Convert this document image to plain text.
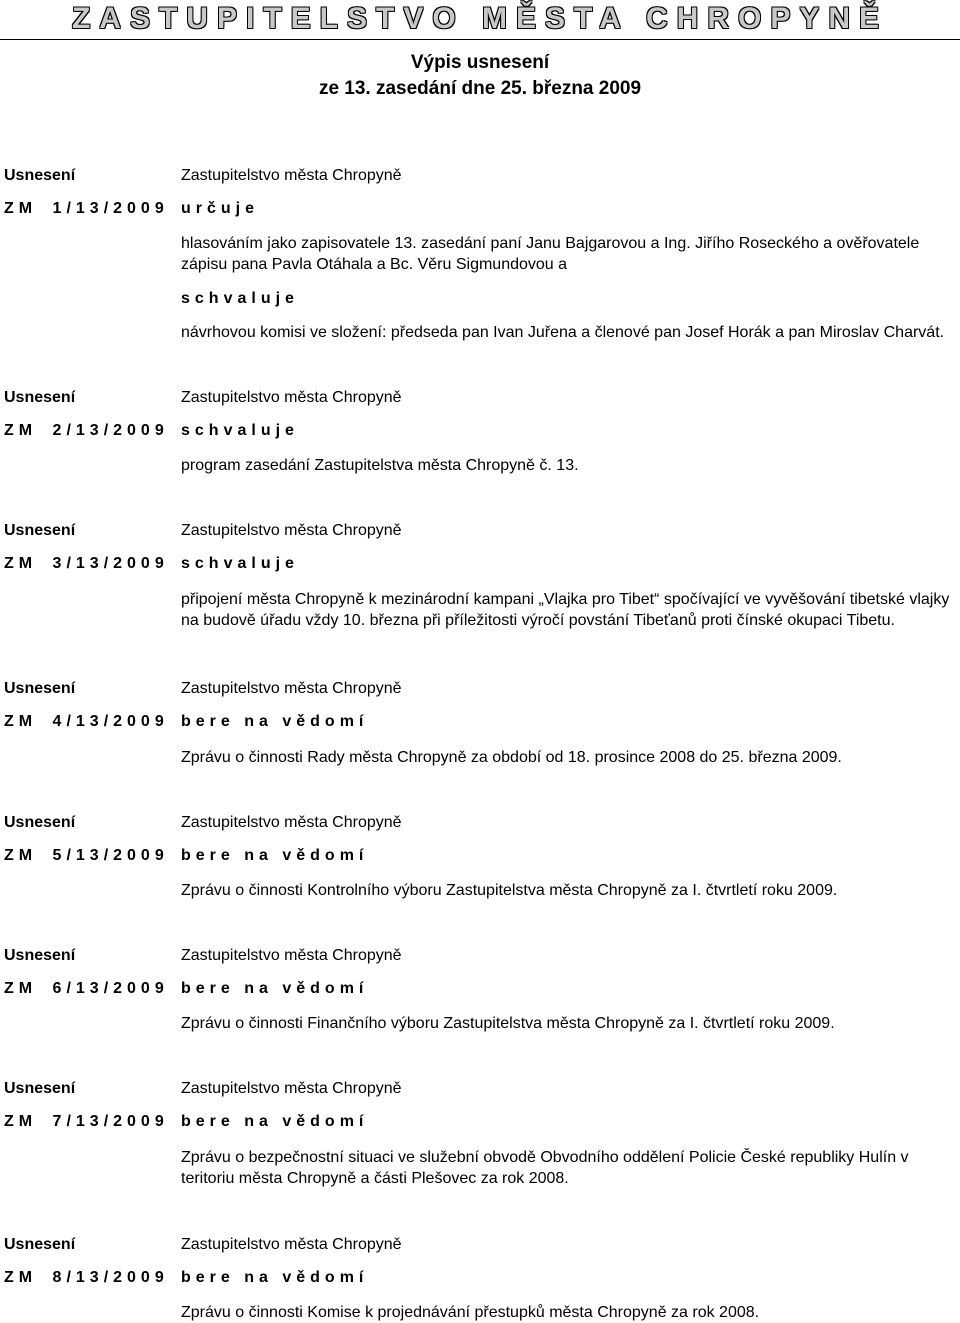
ZASTUPITELSTVO MĚSTA CHROPYNĚ
Výpis usnesení
ze 13. zasedání dne 25. března 2009
Usnesení
ZM 1/13/2009
Zastupitelstvo města Chropyně
určuje
hlasováním jako zapisovatele 13. zasedání paní Janu Bajgarovou a Ing. Jiřího Roseckého a ověřovatele zápisu pana Pavla Otáhala a Bc. Věru Sigmundovou a
schvaluje
návrhovou komisi ve složení: předseda pan Ivan Juřena a členové pan Josef Horák a pan Miroslav Charvát.
Usnesení
ZM 2/13/2009
Zastupitelstvo města Chropyně
schvaluje
program zasedání Zastupitelstva města Chropyně č. 13.
Usnesení
ZM 3/13/2009
Zastupitelstvo města Chropyně
schvaluje
připojení města Chropyně k mezinárodní kampani „Vlajka pro Tibet“ spočívající ve vyvěšování tibetské vlajky na budově úřadu vždy 10. března při příležitosti výročí povstání Tibeťanů proti čínské okupaci Tibetu.
Usnesení
ZM 4/13/2009
Zastupitelstvo města Chropyně
bere na vědomí
Zprávu o činnosti Rady města Chropyně za období od 18. prosince 2008 do 25. března 2009.
Usnesení
ZM 5/13/2009
Zastupitelstvo města Chropyně
bere na vědomí
Zprávu o činnosti Kontrolního výboru Zastupitelstva města Chropyně za I. čtvrtletí roku 2009.
Usnesení
ZM 6/13/2009
Zastupitelstvo města Chropyně
bere na vědomí
Zprávu o činnosti Finančního výboru Zastupitelstva města Chropyně za I. čtvrtletí roku 2009.
Usnesení
ZM 7/13/2009
Zastupitelstvo města Chropyně
bere na vědomí
Zprávu o bezpečnostní situaci ve služební obvodě Obvodního oddělení Policie České republiky Hulín v teritoriu města Chropyně a části Plešovec za rok 2008.
Usnesení
ZM 8/13/2009
Zastupitelstvo města Chropyně
bere na vědomí
Zprávu o činnosti Komise k projednávání přestupků města Chropyně za rok 2008.
